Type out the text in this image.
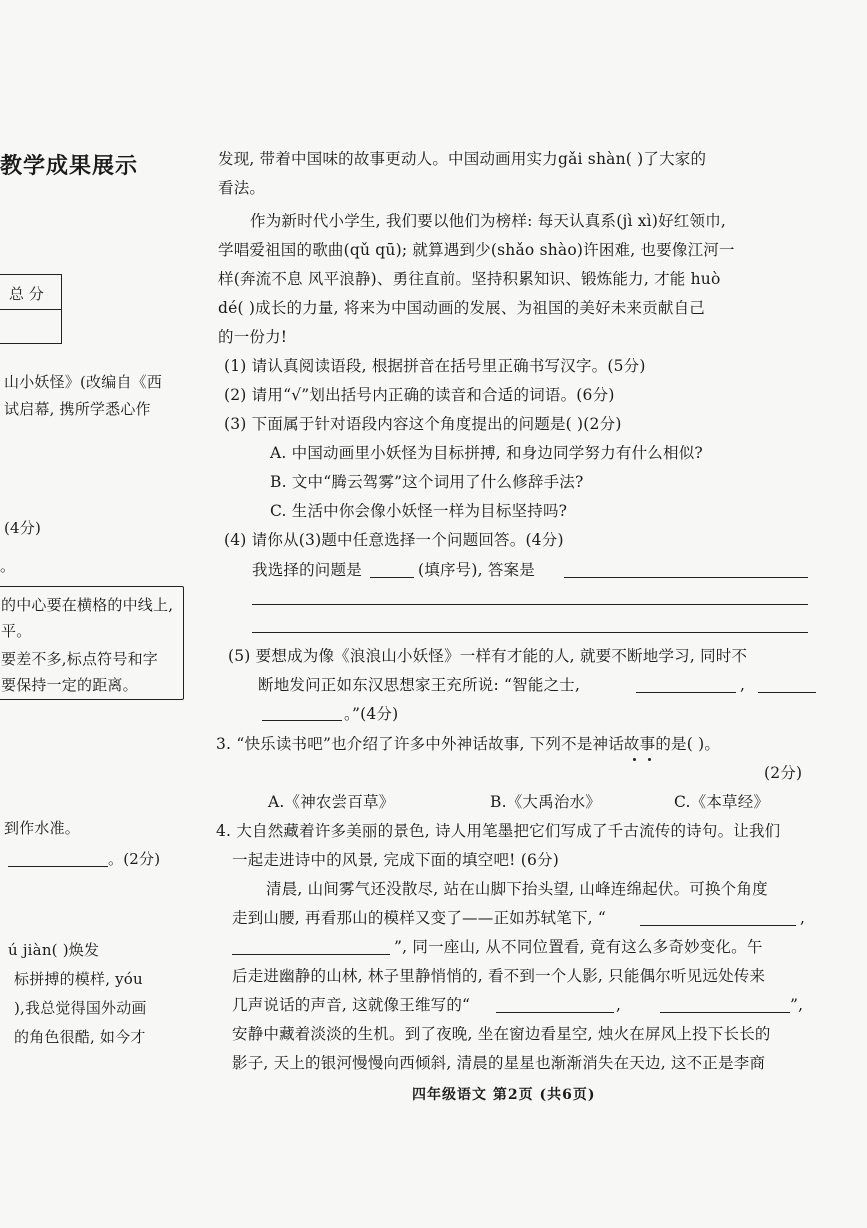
教学成果展示
总 分
山小妖怪》(改编自《西
试启幕, 携所学悉心作
(4分)
。
的中心要在横格的中线上,
平。
要差不多,标点符号和字
要保持一定的距离。
到作水准。
。(2分)
ú jiàn( )焕发
标拼搏的模样, yóu
),我总觉得国外动画
的角色很酷, 如今才
发现, 带着中国味的故事更动人。中国动画用实力gǎi shàn( )了大家的
看法。
作为新时代小学生, 我们要以他们为榜样: 每天认真系(jì xì)好红领巾,
学唱爱祖国的歌曲(qǔ qū); 就算遇到少(shǎo shào)许困难, 也要像江河一
样(奔流不息 风平浪静)、勇往直前。坚持积累知识、锻炼能力, 才能 huò
dé( )成长的力量, 将来为中国动画的发展、为祖国的美好未来贡献自己
的一份力!
(1) 请认真阅读语段, 根据拼音在括号里正确书写汉字。(5分)
(2) 请用“√”划出括号内正确的读音和合适的词语。(6分)
(3) 下面属于针对语段内容这个角度提出的问题是( )(2分)
A. 中国动画里小妖怪为目标拼搏, 和身边同学努力有什么相似?
B. 文中“腾云驾雾”这个词用了什么修辞手法?
C. 生活中你会像小妖怪一样为目标坚持吗?
(4) 请你从(3)题中任意选择一个问题回答。(4分)
我选择的问题是	(填序号), 答案是
(5) 要想成为像《浪浪山小妖怪》一样有才能的人, 就要不断地学习, 同时不
断地发问正如东汉思想家王充所说: “智能之士,	,
。”(4分)
3. “快乐读书吧”也介绍了许多中外神话故事, 下列不是神话故事的是( )。
(2分)
A.《神农尝百草》	B.《大禹治水》	C.《本草经》
4. 大自然藏着许多美丽的景色, 诗人用笔墨把它们写成了千古流传的诗句。让我们
一起走进诗中的风景, 完成下面的填空吧! (6分)
清晨, 山间雾气还没散尽, 站在山脚下抬头望, 山峰连绵起伏。可换个角度
走到山腰, 再看那山的模样又变了——正如苏轼笔下, “	,
”, 同一座山, 从不同位置看, 竟有这么多奇妙变化。午
后走进幽静的山林, 林子里静悄悄的, 看不到一个人影, 只能偶尔听见远处传来
几声说话的声音, 这就像王维写的“	,	”,
安静中藏着淡淡的生机。到了夜晚, 坐在窗边看星空, 烛火在屏风上投下长长的
影子, 天上的银河慢慢向西倾斜, 清晨的星星也渐渐消失在天边, 这不正是李商
四年级语文 第2页 (共6页)
